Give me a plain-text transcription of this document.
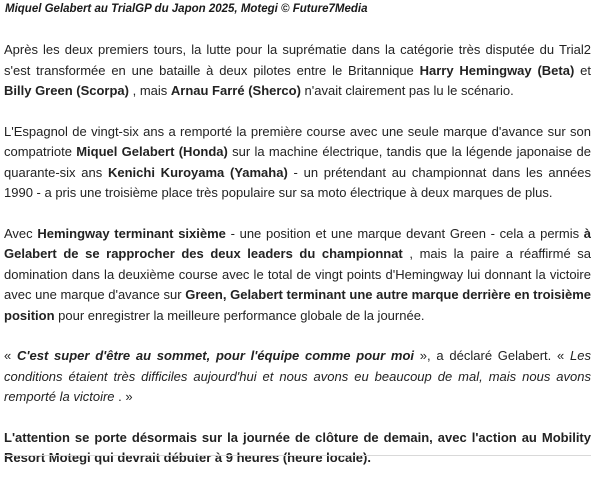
Miquel Gelabert au TrialGP du Japon 2025, Motegi © Future7Media

Après les deux premiers tours, la lutte pour la suprématie dans la catégorie très disputée du Trial2 s'est transformée en une bataille à deux pilotes entre le Britannique Harry Hemingway (Beta) et Billy Green (Scorpa) , mais Arnau Farré (Sherco) n'avait clairement pas lu le scénario.

L'Espagnol de vingt-six ans a remporté la première course avec une seule marque d'avance sur son compatriote Miquel Gelabert (Honda) sur la machine électrique, tandis que la légende japonaise de quarante-six ans Kenichi Kuroyama (Yamaha) - un prétendant au championnat dans les années 1990 - a pris une troisième place très populaire sur sa moto électrique à deux marques de plus.

Avec Hemingway terminant sixième - une position et une marque devant Green - cela a permis à Gelabert de se rapprocher des deux leaders du championnat , mais la paire a réaffirmé sa domination dans la deuxième course avec le total de vingt points d'Hemingway lui donnant la victoire avec une marque d'avance sur Green, Gelabert terminant une autre marque derrière en troisième position pour enregistrer la meilleure performance globale de la journée.

« C'est super d'être au sommet, pour l'équipe comme pour moi », a déclaré Gelabert. « Les conditions étaient très difficiles aujourd'hui et nous avons eu beaucoup de mal, mais nous avons remporté la victoire . »

L'attention se porte désormais sur la journée de clôture de demain, avec l'action au Mobility Resort Motegi qui devrait débuter à 9 heures (heure locale).
